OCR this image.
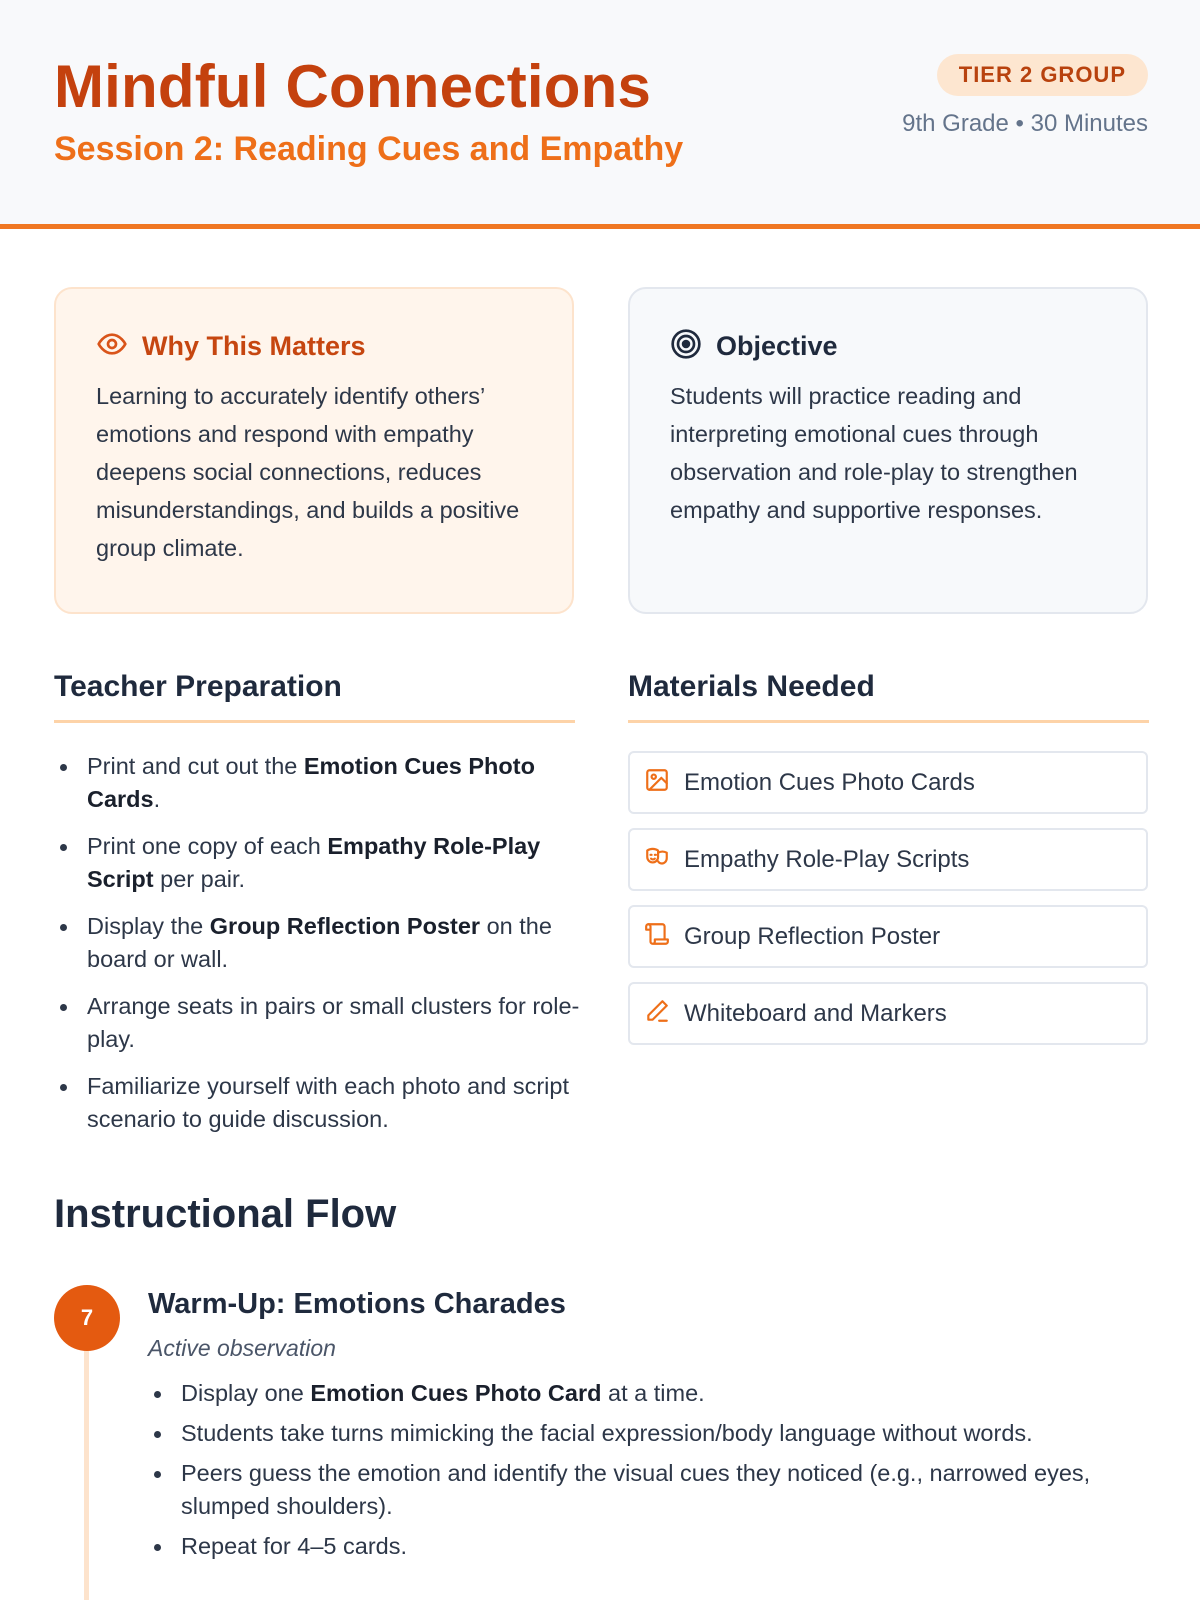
Mindful Connections
Session 2: Reading Cues and Empathy
TIER 2 GROUP
9th Grade • 30 Minutes
Why This Matters
Learning to accurately identify others’ emotions and respond with empathy deepens social connections, reduces misunderstandings, and builds a positive group climate.
Objective
Students will practice reading and interpreting emotional cues through observation and role-play to strengthen empathy and supportive responses.
Teacher Preparation
Print and cut out the Emotion Cues Photo Cards.
Print one copy of each Empathy Role-Play Script per pair.
Display the Group Reflection Poster on the board or wall.
Arrange seats in pairs or small clusters for role-play.
Familiarize yourself with each photo and script scenario to guide discussion.
Materials Needed
Emotion Cues Photo Cards
Empathy Role-Play Scripts
Group Reflection Poster
Whiteboard and Markers
Instructional Flow
7	Warm-Up: Emotions Charades
Active observation
Display one Emotion Cues Photo Card at a time.
Students take turns mimicking the facial expression/body language without words.
Peers guess the emotion and identify the visual cues they noticed (e.g., narrowed eyes, slumped shoulders).
Repeat for 4–5 cards.
